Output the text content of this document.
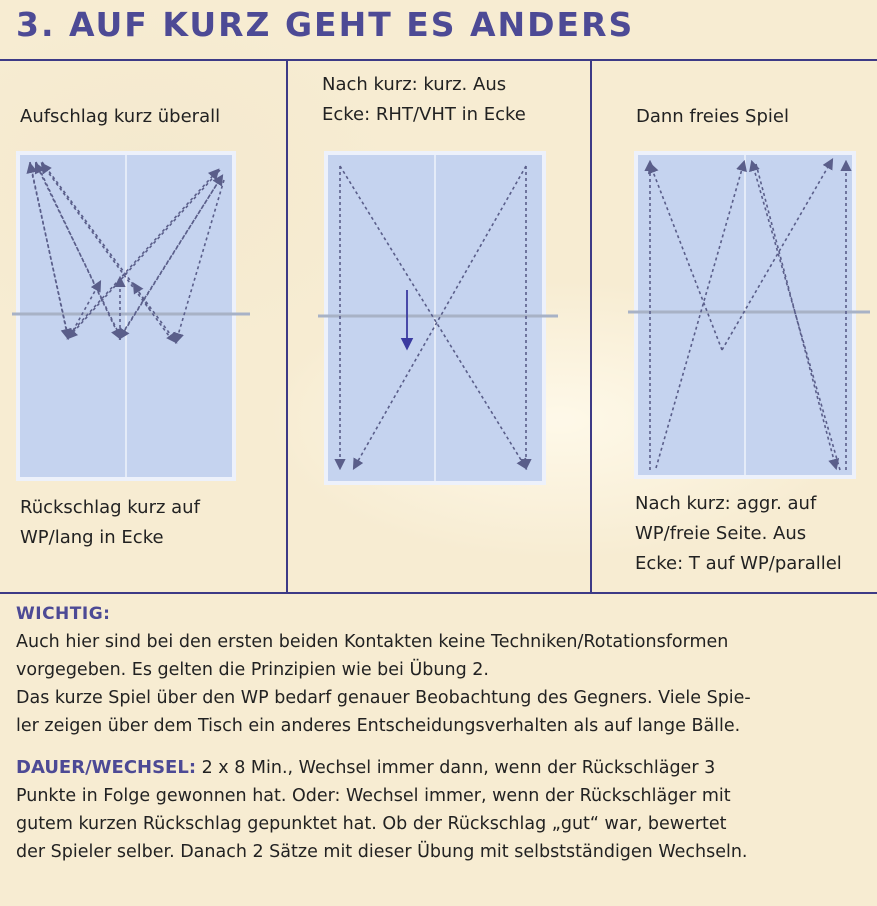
3. AUF KURZ GEHT ES ANDERS
Aufschlag kurz überall
Rückschlag kurz auf
WP/lang in Ecke
Nach kurz: kurz. Aus
Ecke: RHT/VHT in Ecke	Dann freies Spiel
Nach kurz: aggr. auf
WP/freie Seite. Aus
Ecke: T auf WP/parallel
WICHTIG:
Auch hier sind bei den ersten beiden Kontakten keine Techniken/Rotationsformen
vorgegeben. Es gelten die Prinzipien wie bei Übung 2.
Das kurze Spiel über den WP bedarf genauer Beobachtung des Gegners. Viele Spie-
ler zeigen über dem Tisch ein anderes Entscheidungsverhalten als auf lange Bälle.
DAUER/WECHSEL: 2 x 8 Min., Wechsel immer dann, wenn der Rückschläger 3
Punkte in Folge gewonnen hat. Oder: Wechsel immer, wenn der Rückschläger mit
gutem kurzen Rückschlag gepunktet hat. Ob der Rückschlag „gut“ war, bewertet
der Spieler selber. Danach 2 Sätze mit dieser Übung mit selbstständigen Wechseln.
